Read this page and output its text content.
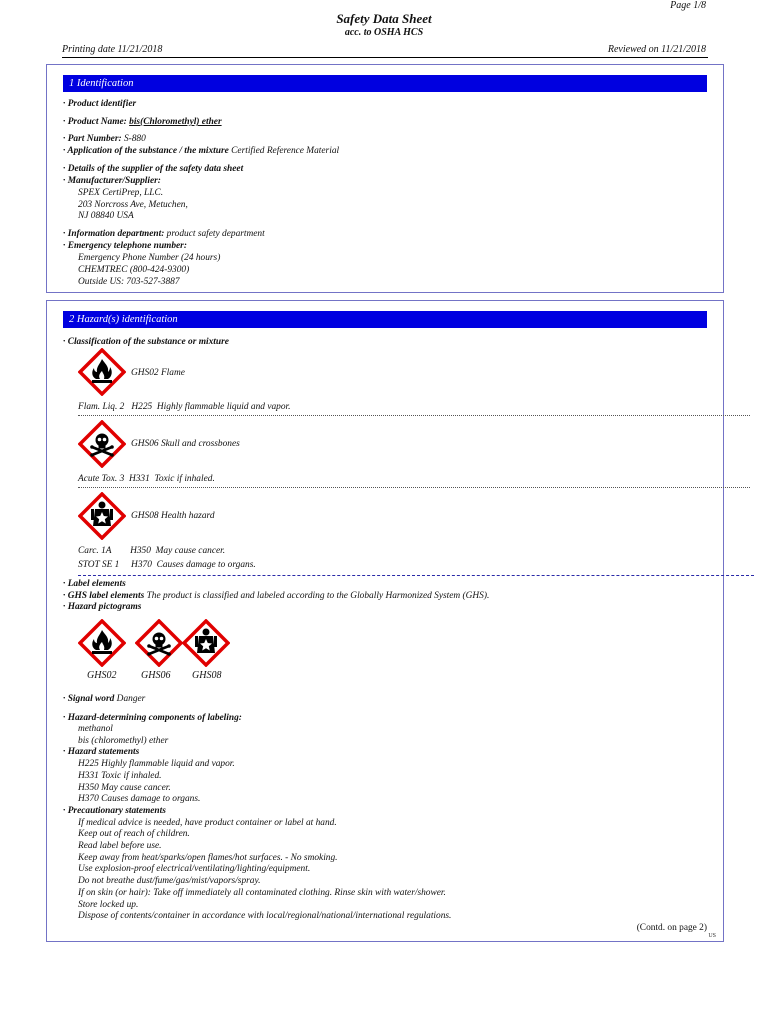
Page 1/8
Safety Data Sheet
acc. to OSHA HCS
Printing date 11/21/2018	Reviewed on 11/21/2018
1 Identification
· Product identifier
· Product Name: bis(Chloromethyl) ether
· Part Number: S-880
· Application of the substance / the mixture Certified Reference Material
· Details of the supplier of the safety data sheet
· Manufacturer/Supplier:
SPEX CertiPrep, LLC.
203 Norcross Ave, Metuchen,
NJ 08840 USA
· Information department: product safety department
· Emergency telephone number:
Emergency Phone Number (24 hours)
CHEMTREC (800-424-9300)
Outside US: 703-527-3887
2 Hazard(s) identification
· Classification of the substance or mixture
GHS02 Flame
Flam. Liq. 2   H225  Highly flammable liquid and vapor.
GHS06 Skull and crossbones
Acute Tox. 3  H331  Toxic if inhaled.
GHS08 Health hazard
Carc. 1A        H350  May cause cancer.
STOT SE 1     H370  Causes damage to organs.
· Label elements
· GHS label elements The product is classified and labeled according to the Globally Harmonized System (GHS).
· Hazard pictograms
GHS02 GHS06 GHS08
· Signal word Danger
· Hazard-determining components of labeling:
methanol
bis (chloromethyl) ether
· Hazard statements
H225 Highly flammable liquid and vapor.
H331 Toxic if inhaled.
H350 May cause cancer.
H370 Causes damage to organs.
· Precautionary statements
If medical advice is needed, have product container or label at hand.
Keep out of reach of children.
Read label before use.
Keep away from heat/sparks/open flames/hot surfaces. - No smoking.
Use explosion-proof electrical/ventilating/lighting/equipment.
Do not breathe dust/fume/gas/mist/vapors/spray.
If on skin (or hair): Take off immediately all contaminated clothing. Rinse skin with water/shower.
Store locked up.
Dispose of contents/container in accordance with local/regional/national/international regulations.
(Contd. on page 2)
US
